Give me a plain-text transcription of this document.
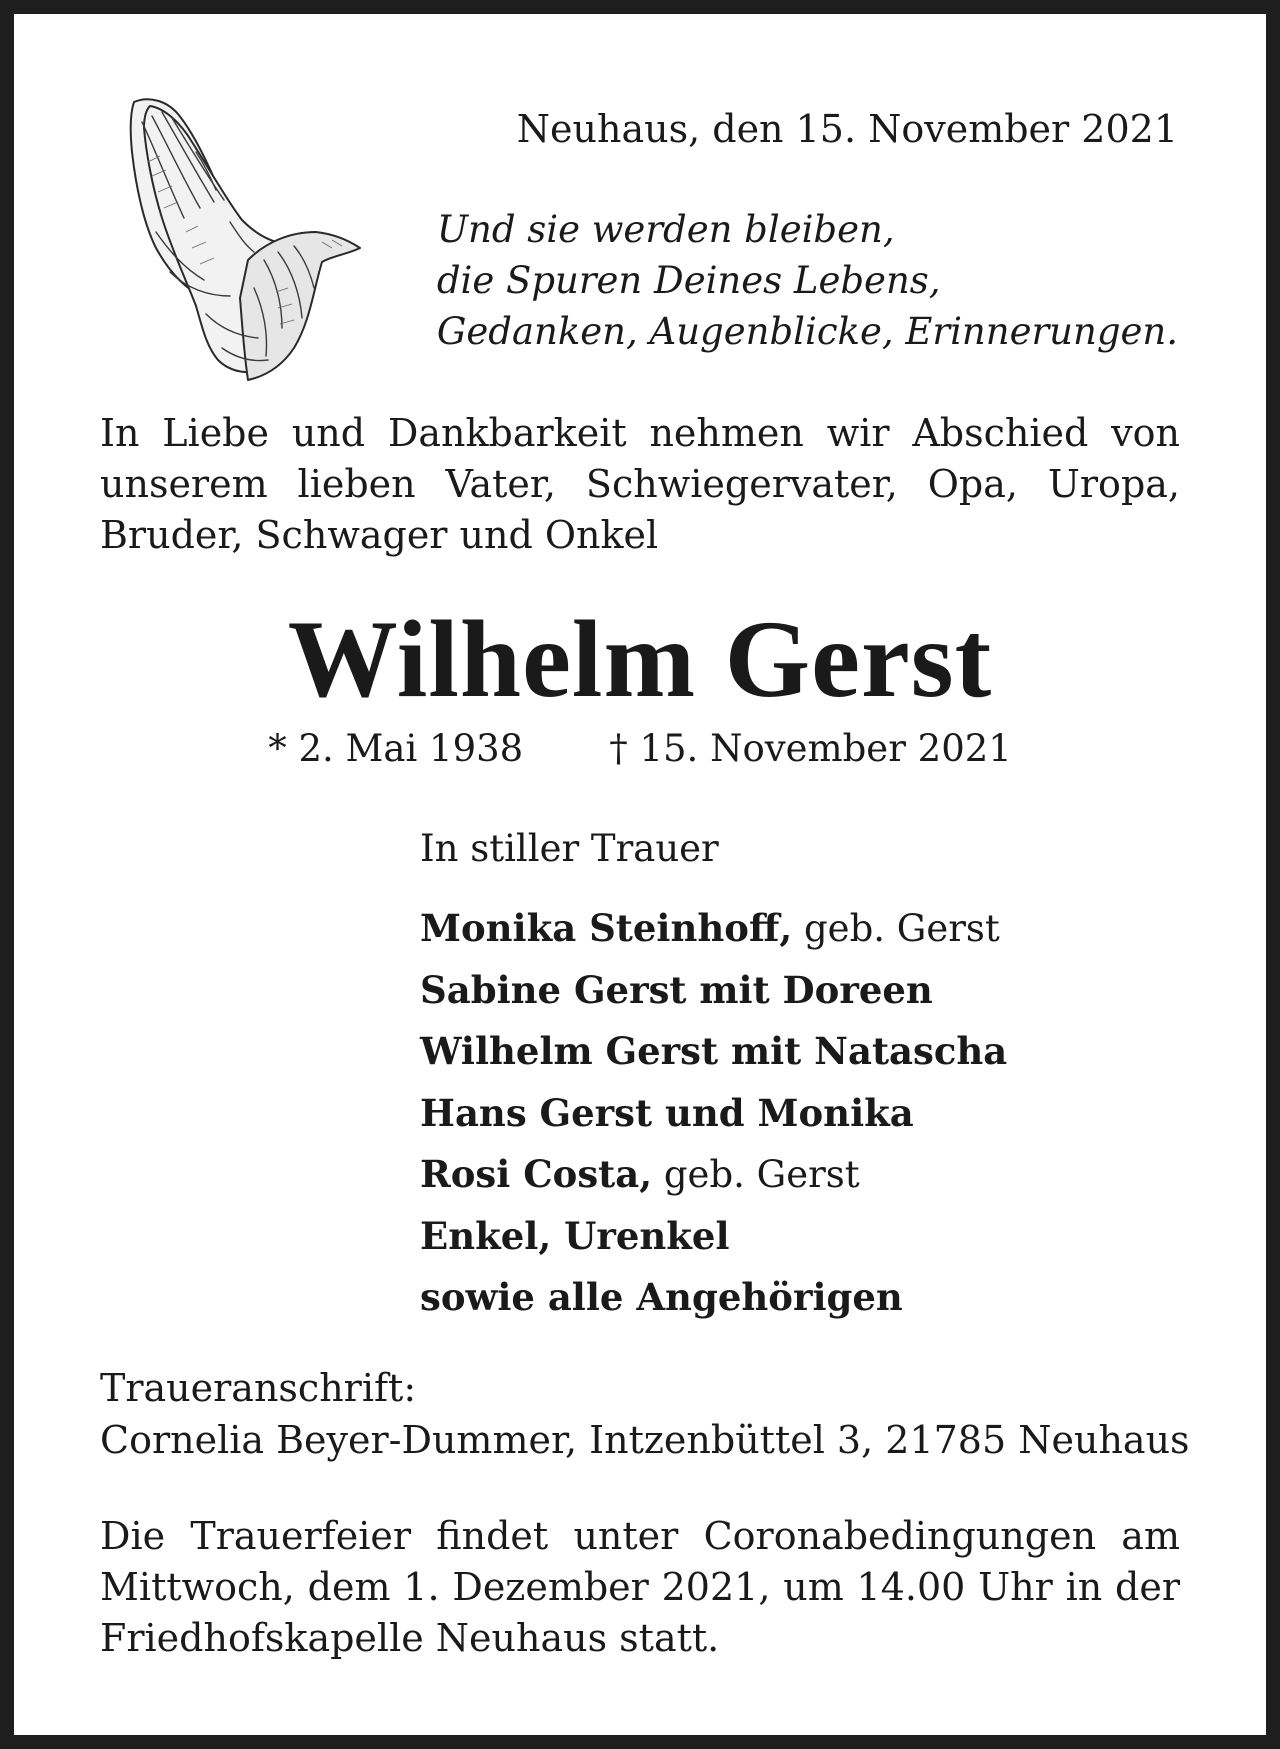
Neuhaus, den 15. November 2021
Und sie werden bleiben,
die Spuren Deines Lebens,
Gedanken, Augenblicke, Erinnerungen.
In Liebe und Dankbarkeit nehmen wir Abschied von unserem lieben Vater, Schwiegervater, Opa, Uropa, Bruder, Schwager und Onkel
Wilhelm Gerst
* 2. Mai 1938 † 15. November 2021
In stiller Trauer
Monika Steinhoff, geb. Gerst
Sabine Gerst mit Doreen
Wilhelm Gerst mit Natascha
Hans Gerst und Monika
Rosi Costa, geb. Gerst
Enkel, Urenkel
sowie alle Angehörigen
Traueranschrift:
Cornelia Beyer-Dummer, Intzenbüttel 3, 21785 Neuhaus
Die Trauerfeier findet unter Coronabedingungen am Mittwoch, dem 1. Dezember 2021, um 14.00 Uhr in der Friedhofskapelle Neuhaus statt.
